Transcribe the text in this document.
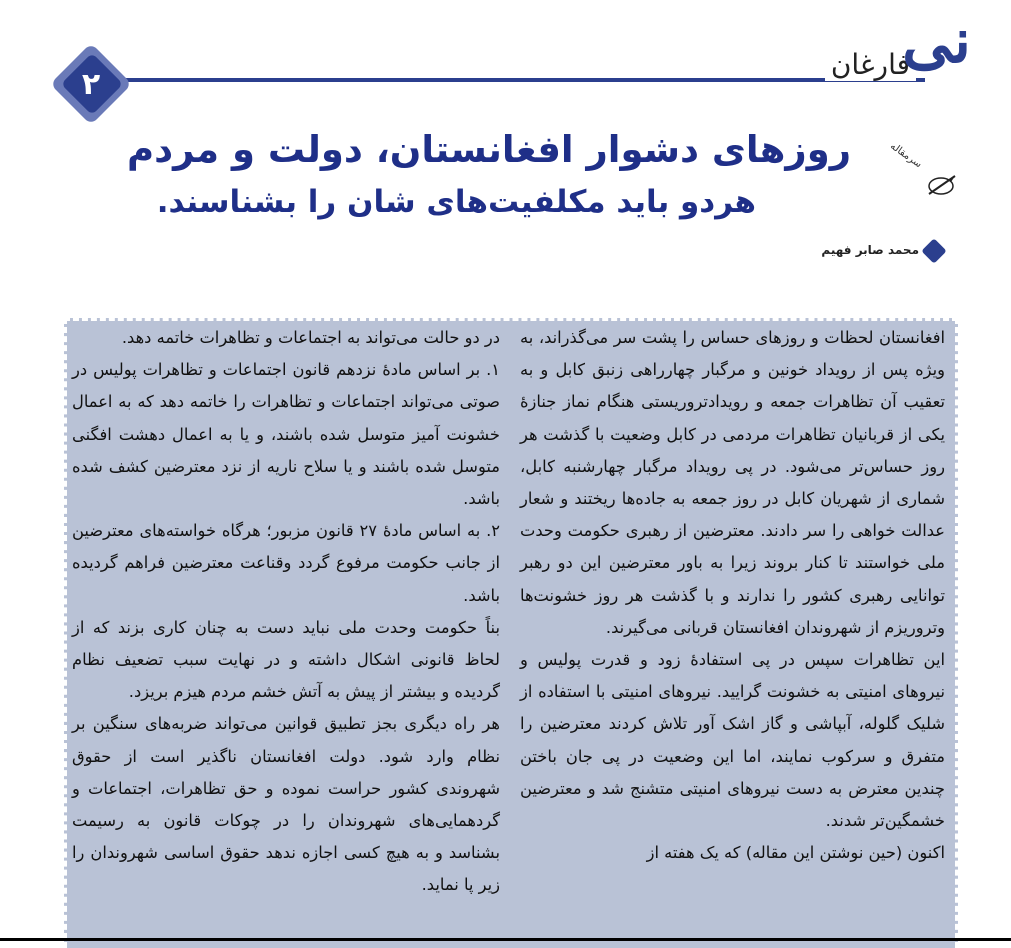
۲
فارغان
نی
سرمقاله
روزهای دشوار افغانستان، دولت و مردم
هردو باید مکلفیت‌های شان را بشناسند.
محمد صابر فهیم

افغانستان لحظات و روزهای حساس را پشت سر می‌گذراند، به ویژه پس از رویداد خونین و مرگبار چهارراهی زنبق کابل و به تعقیب آن تظاهرات جمعه و رویدادتروریستی هنگام نماز جنازهٔ یکی از قربانیان تظاهرات مردمی در کابل وضعیت با گذشت هر روز حساس‌تر می‌شود. در پی رویداد مرگبار چهارشنبه کابل، شماری از شهریان کابل در روز جمعه به جاده‌ها ریختند و شعار عدالت خواهی را سر دادند. معترضین از رهبری حکومت وحدت ملی خواستند تا کنار بروند زیرا به باور معترضین این دو رهبر توانایی رهبری کشور را ندارند و با گذشت هر روز خشونت‌ها وتروریزم از شهروندان افغانستان قربانی می‌گیرند.

این تظاهرات سپس در پی استفادهٔ زود و قدرت پولیس و نیروهای امنیتی به خشونت گرایید. نیروهای امنیتی با استفاده از شلیک گلوله، آبپاشی و گاز اشک آور تلاش کردند معترضین را متفرق و سرکوب نمایند، اما این وضعیت در پی جان باختن چندین معترض به دست نیروهای امنیتی متشنج شد و معترضین خشمگین‌تر شدند.

اکنون (حین نوشتن این مقاله) که یک هفته از

در دو حالت می‌تواند به اجتماعات و تظاهرات خاتمه دهد.

۱. بر اساس مادهٔ نزدهم قانون اجتماعات و تظاهرات پولیس در صوتی می‌تواند اجتماعات و تظاهرات را خاتمه دهد که به اعمال خشونت آمیز متوسل شده باشند، و یا به اعمال دهشت افگنی متوسل شده باشند و یا سلاح ناریه از نزد معترضین کشف شده باشد.

۲. به اساس مادهٔ ۲۷ قانون مزبور؛ هرگاه خواسته‌های معترضین از جانب حکومت مرفوع گردد وقناعت معترضین فراهم گردیده باشد.

بناً حکومت وحدت ملی نباید دست به چنان کاری بزند که از لحاظ قانونی اشکال داشته و در نهایت سبب تضعیف نظام گردیده و بیشتر از پیش به آتش خشم مردم هیزم بریزد.

هر راه دیگری بجز تطبیق قوانین می‌تواند ضربه‌های سنگین بر نظام وارد شود. دولت افغانستان ناگذیر است از حقوق شهروندی کشور حراست نموده و حق تظاهرات، اجتماعات و گردهمایی‌های شهروندان را در چوکات قانون به رسیمت بشناسد و به هیچ کسی اجازه ندهد حقوق اساسی شهروندان را زیر پا نماید.
